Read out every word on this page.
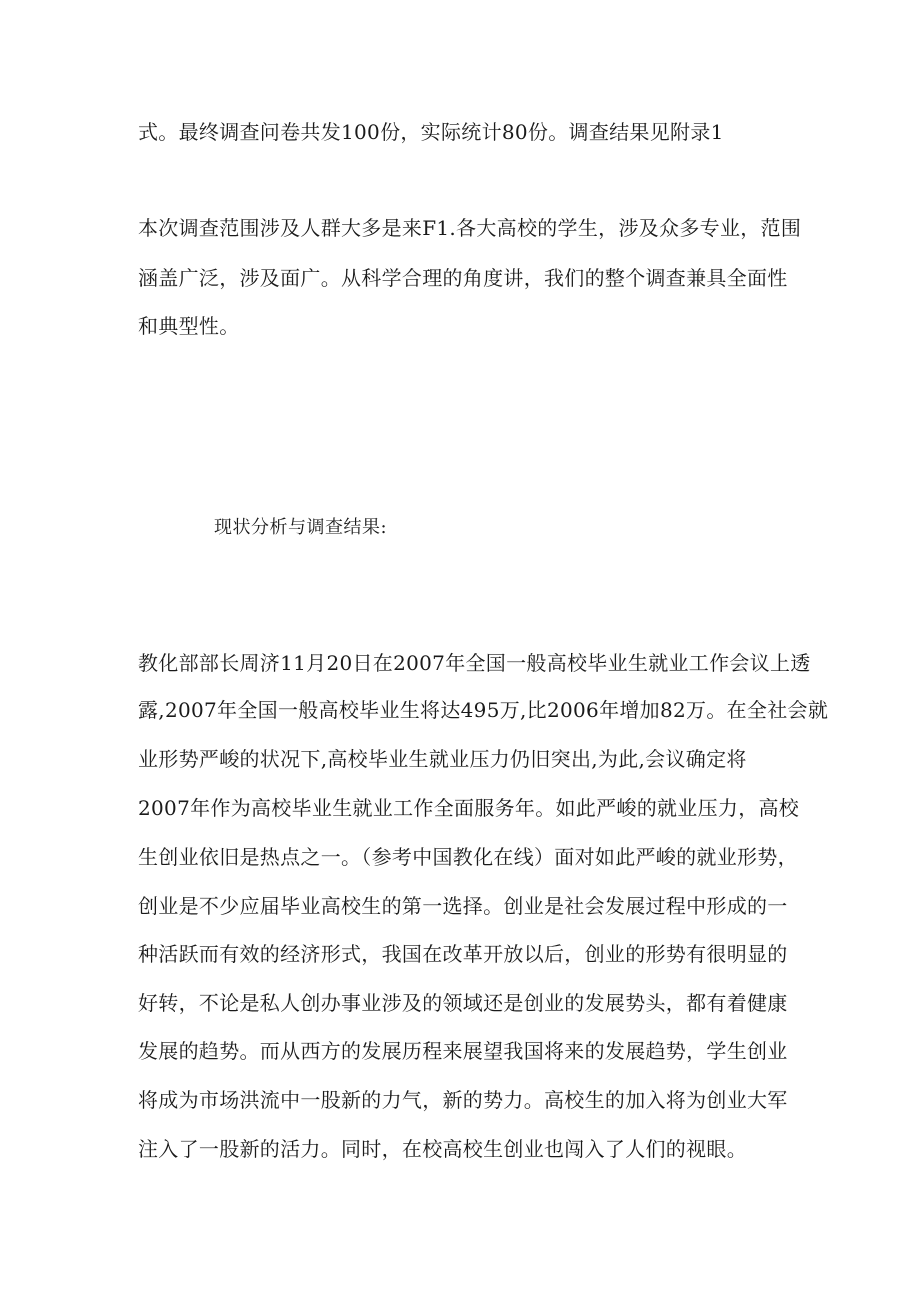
式。最终调查问卷共发100份，实际统计80份。调查结果见附录1
本次调查范围涉及人群大多是来F1.各大高校的学生，涉及众多专业，范围
涵盖广泛，涉及面广。从科学合理的角度讲，我们的整个调查兼具全面性
和典型性。
现状分析与调查结果:
教化部部长周济11月20日在2007年全国一般高校毕业生就业工作会议上透
露,2007年全国一般高校毕业生将达495万,比2006年增加82万。在全社会就
业形势严峻的状况下,高校毕业生就业压力仍旧突出,为此,会议确定将
2007年作为高校毕业生就业工作全面服务年。如此严峻的就业压力，高校
生创业依旧是热点之一。（参考中国教化在线）面对如此严峻的就业形势，
创业是不少应届毕业高校生的第一选择。创业是社会发展过程中形成的一
种活跃而有效的经济形式，我国在改革开放以后，创业的形势有很明显的
好转，不论是私人创办事业涉及的领域还是创业的发展势头，都有着健康
发展的趋势。而从西方的发展历程来展望我国将来的发展趋势，学生创业
将成为市场洪流中一股新的力气，新的势力。高校生的加入将为创业大军
注入了一股新的活力。同时，在校高校生创业也闯入了人们的视眼。
